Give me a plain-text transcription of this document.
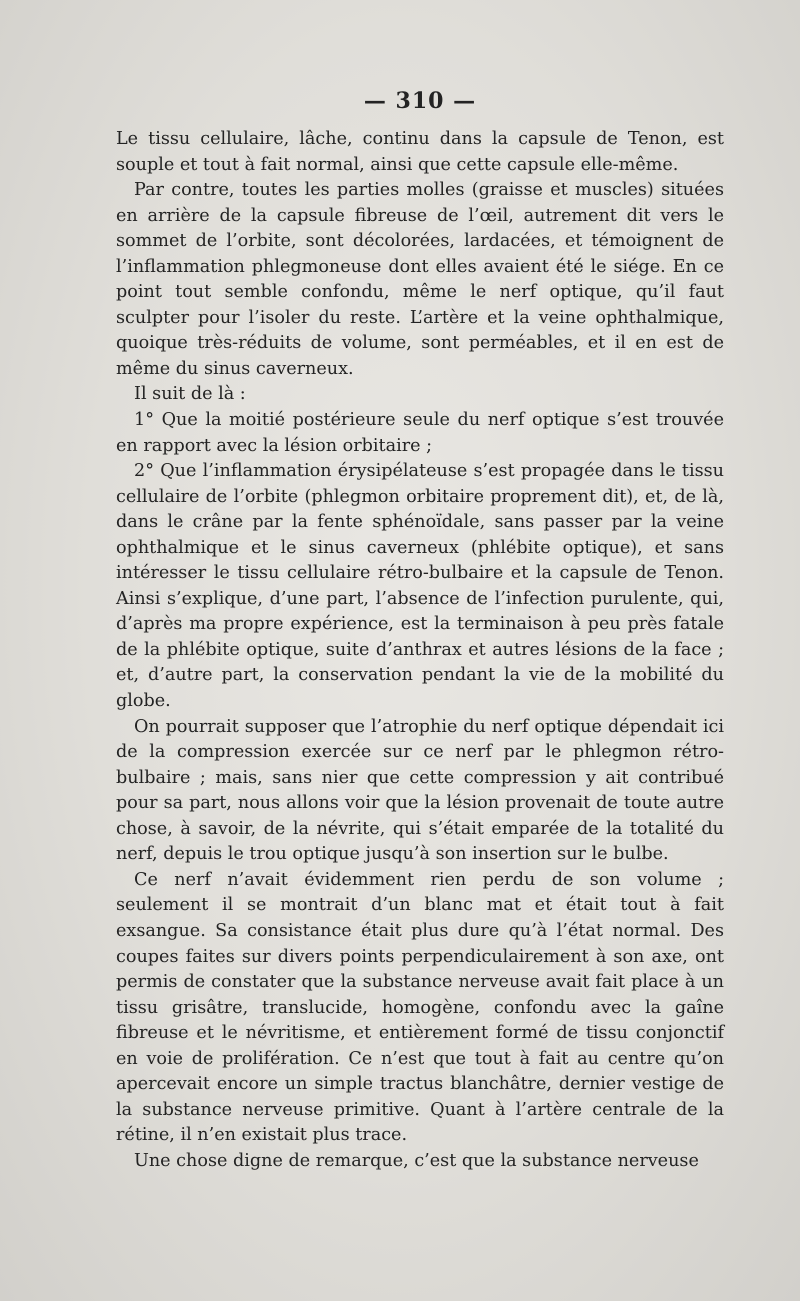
— 310 —

Le tissu cellulaire, lâche, continu dans la capsule de Tenon, est souple et tout à fait normal, ainsi que cette capsule elle-même.

Par contre, toutes les parties molles (graisse et muscles) situées en arrière de la capsule fibreuse de l’œil, autrement dit vers le sommet de l’orbite, sont décolorées, lardacées, et témoignent de l’inflammation phlegmoneuse dont elles avaient été le siége. En ce point tout semble confondu, même le nerf optique, qu’il faut sculpter pour l’isoler du reste. L’artère et la veine ophthalmique, quoique très-réduits de volume, sont perméables, et il en est de même du sinus caverneux.

Il suit de là :

1° Que la moitié postérieure seule du nerf optique s’est trouvée en rapport avec la lésion orbitaire ;

2° Que l’inflammation érysipélateuse s’est propagée dans le tissu cellulaire de l’orbite (phlegmon orbitaire proprement dit), et, de là, dans le crâne par la fente sphénoïdale, sans passer par la veine ophthalmique et le sinus caverneux (phlébite optique), et sans intéresser le tissu cellulaire rétro-bulbaire et la capsule de Tenon. Ainsi s’explique, d’une part, l’absence de l’infection purulente, qui, d’après ma propre expérience, est la terminaison à peu près fatale de la phlébite optique, suite d’anthrax et autres lésions de la face ; et, d’autre part, la conservation pendant la vie de la mobilité du globe.

On pourrait supposer que l’atrophie du nerf optique dépendait ici de la compression exercée sur ce nerf par le phlegmon rétro-bulbaire ; mais, sans nier que cette compression y ait contribué pour sa part, nous allons voir que la lésion provenait de toute autre chose, à savoir, de la névrite, qui s’était emparée de la totalité du nerf, depuis le trou optique jusqu’à son insertion sur le bulbe.

Ce nerf n’avait évidemment rien perdu de son volume ; seulement il se montrait d’un blanc mat et était tout à fait exsangue. Sa consistance était plus dure qu’à l’état normal. Des coupes faites sur divers points perpendiculairement à son axe, ont permis de constater que la substance nerveuse avait fait place à un tissu grisâtre, translucide, homogène, confondu avec la gaîne fibreuse et le névritisme, et entièrement formé de tissu conjonctif en voie de prolifération. Ce n’est que tout à fait au centre qu’on apercevait encore un simple tractus blanchâtre, dernier vestige de la substance nerveuse primitive. Quant à l’artère centrale de la rétine, il n’en existait plus trace.

Une chose digne de remarque, c’est que la substance nerveuse
